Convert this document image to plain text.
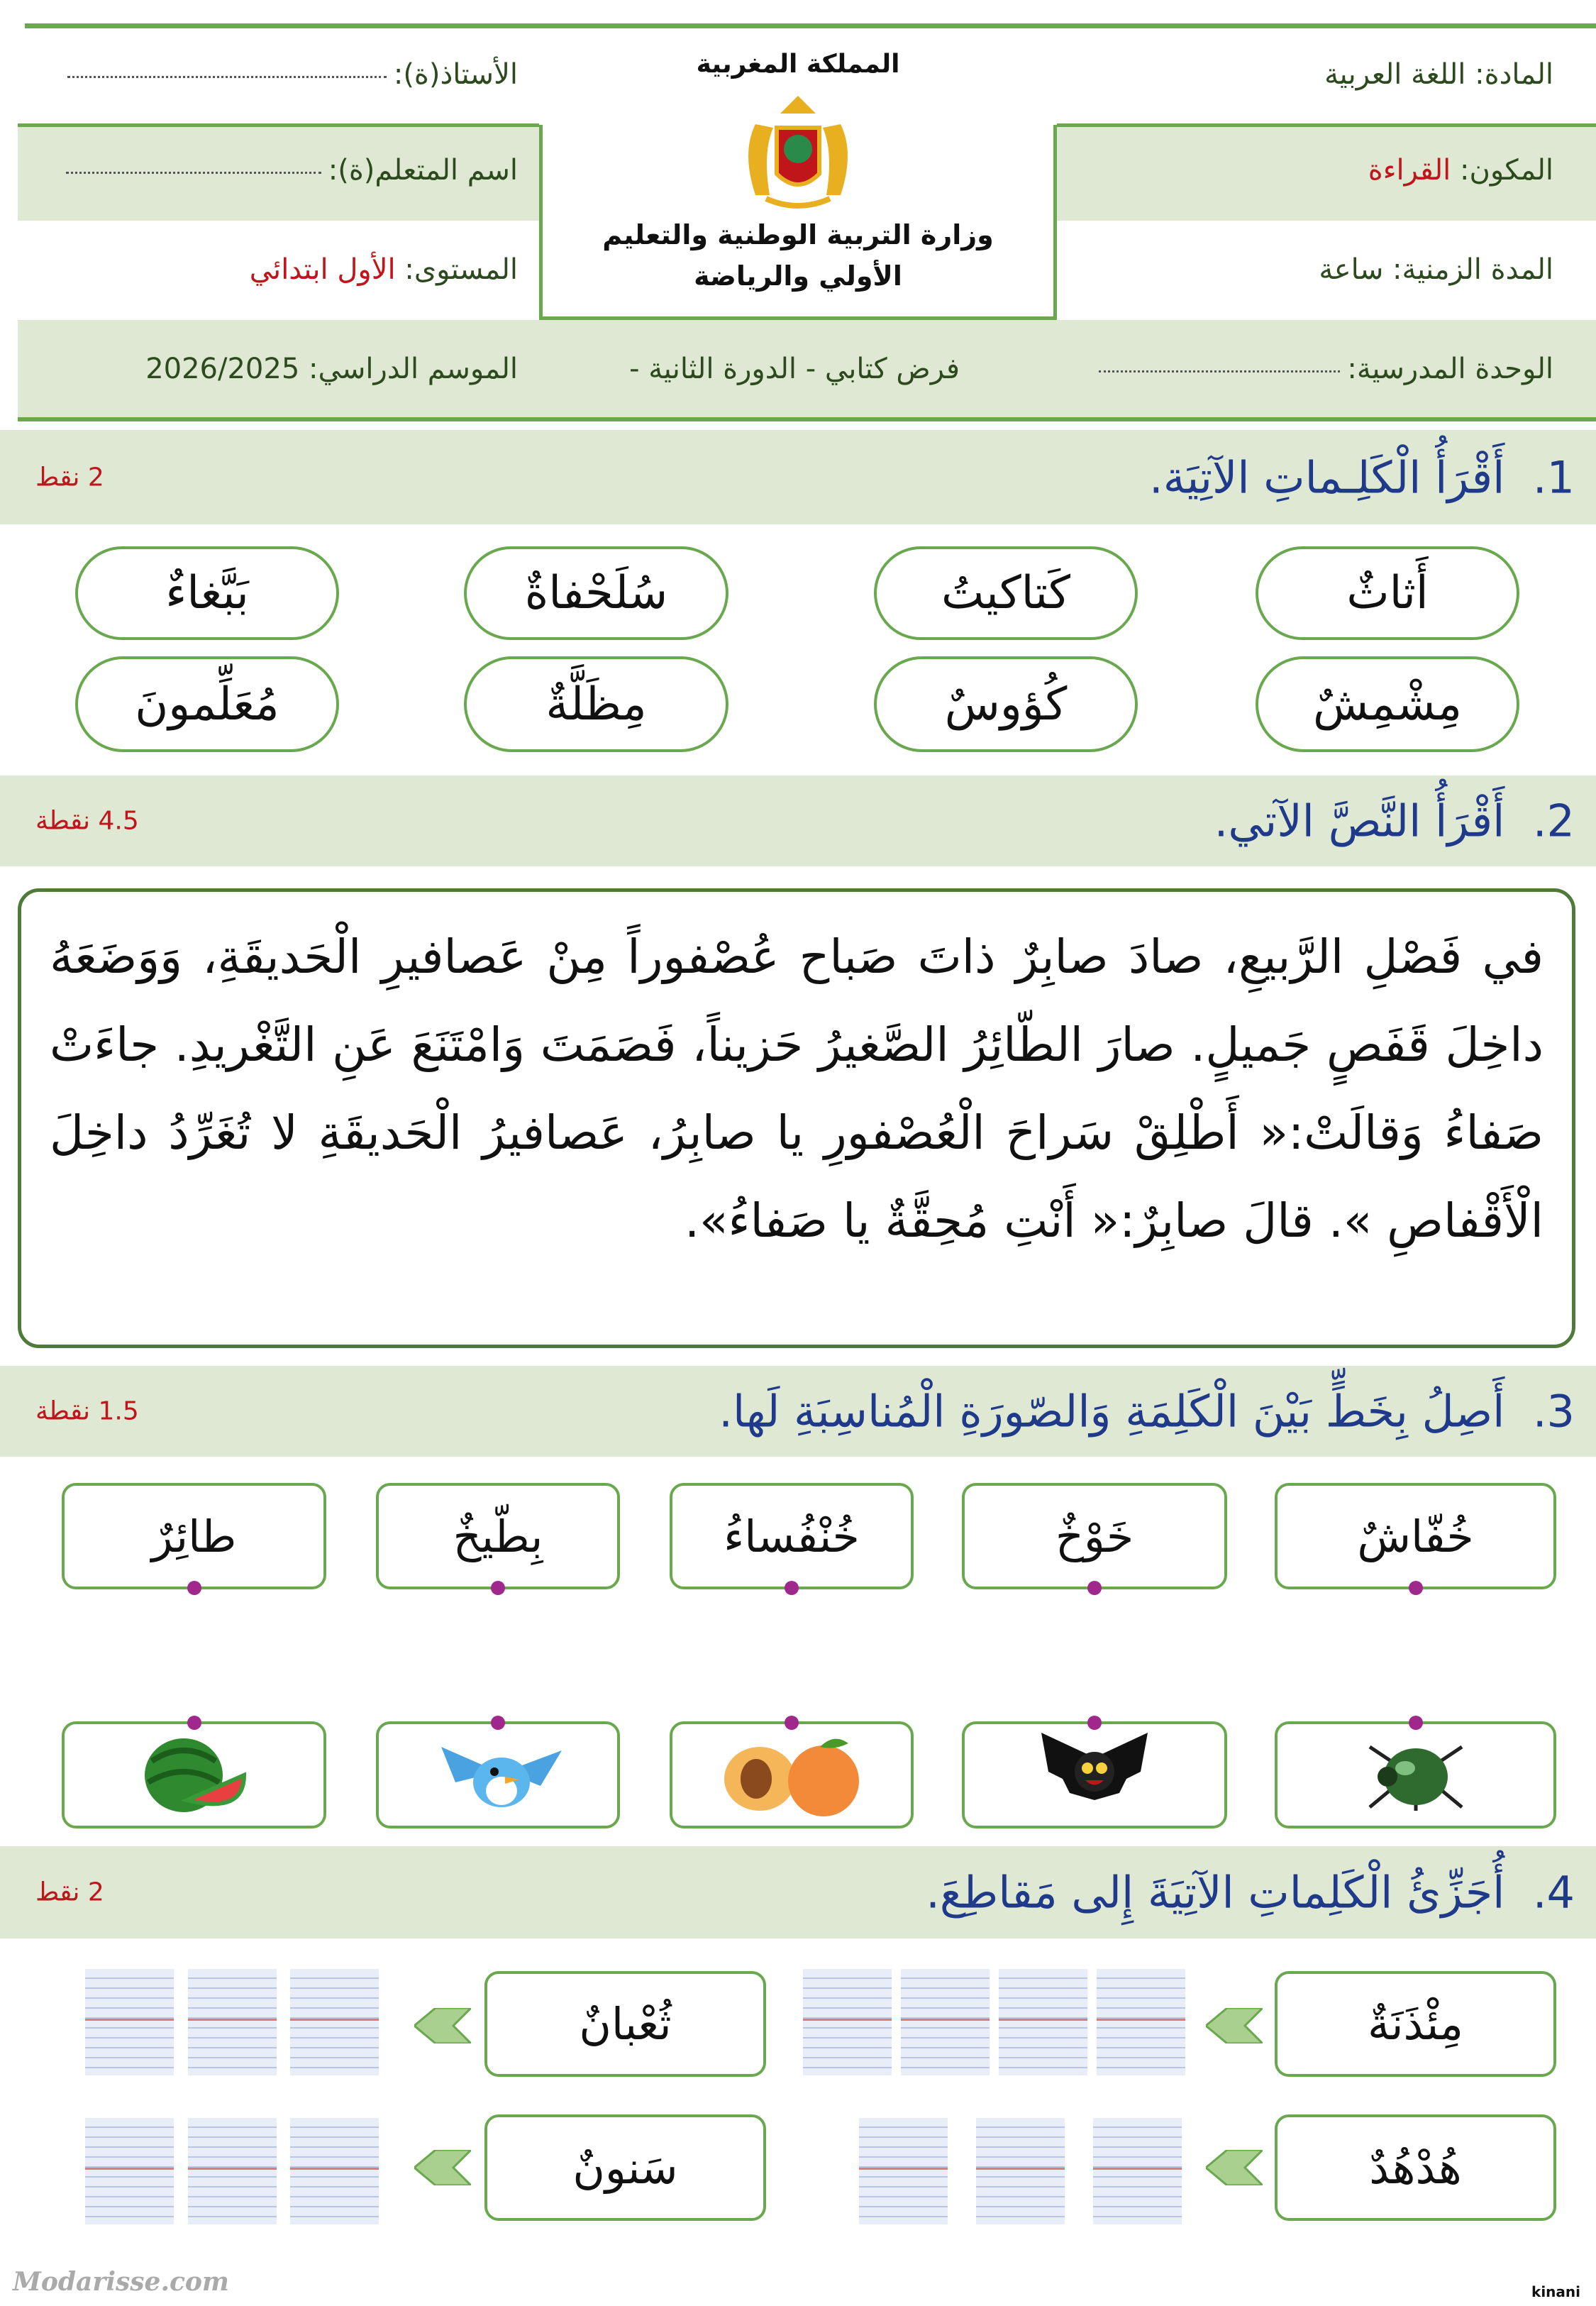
المادة:

اللغة العربية
المكون:

القراءة
المدة الزمنية:

ساعة
الوحدة المدرسية:
الأستاذ(ة):
اسم المتعلم(ة):
المستوى:

الأول ابتدائي
الموسم الدراسي:

2026/2025	فرض كتابي - الدورة الثانية -
المملكة المغربية
وزارة التربية الوطنية والتعليم الأولي والرياضة
1.  أَقْرَأُ الْكَلِـماتِ الآتِيَة.
2 نقط
أَثاثٌ
كَتاكيتُ
سُلَحْفاةٌ
بَبَّغاءٌ
مِشْمِشٌ
كُؤوسٌ
مِظَلَّةٌ
مُعَلِّمونَ
2.  أَقْرَأُ النَّصَّ الآتي.
4.5 نقطة
في فَصْلِ الرَّبيعِ، صادَ صابِرٌ ذاتَ صَباح عُصْفوراً مِنْ عَصافيرِ الْحَديقَةِ، وَوَضَعَهُ داخِلَ قَفَصٍ جَميلٍ. صارَ الطّائِرُ الصَّغيرُ حَزيناً، فَصَمَتَ وَامْتَنَعَ عَنِ التَّغْريدِ. جاءَتْ صَفاءُ وَقالَتْ:« أَطْلِقْ سَراحَ الْعُصْفورِ يا صابِرُ، عَصافيرُ الْحَديقَةِ لا تُغَرِّدُ داخِلَ الْأَقْفاصِ ». قالَ صابِرٌ:« أَنْتِ مُحِقَّةٌ يا صَفاءُ».
3.  أَصِلُ بِخَطٍّ بَيْنَ الْكَلِمَةِ وَالصّورَةِ الْمُناسِبَةِ لَها.
1.5 نقطة
خُفّاشٌ
خَوْخٌ
خُنْفُساءُ
بِطّيخٌ
طائِرٌ
4.  أُجَزِّئُ الْكَلِماتِ الآتِيَةَ إِلى مَقاطِعَ.
2 نقط
مِئْذَنَةٌ
ثُعْبانٌ
هُدْهُدٌ
سَنونٌ
Modarisse.com	kinani
